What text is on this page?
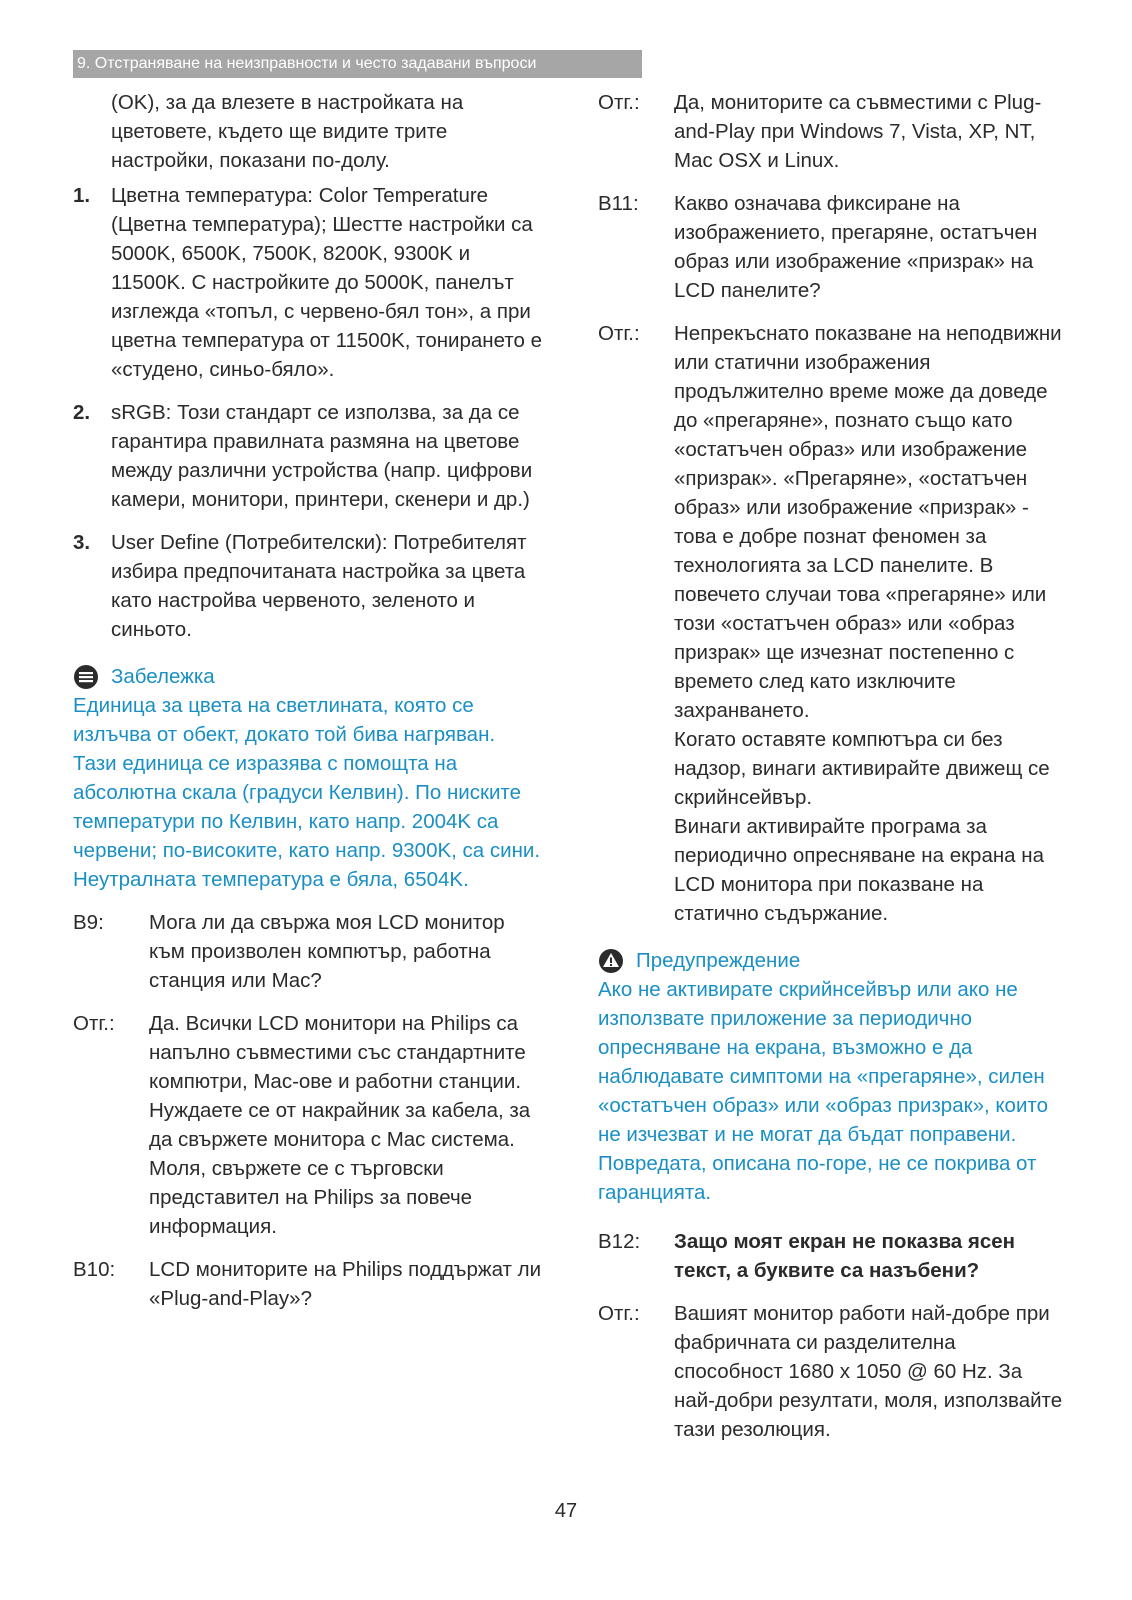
9. Отстраняване на неизправности и често задавани въпроси

(OK), за да влезете в настройката на цветовете, където ще видите трите настройки, показани по-долу.

1.	Цветна температура: Color Temperature (Цветна температура); Шестте настройки са 5000K, 6500K, 7500K, 8200K, 9300K и 11500K. С настройките до 5000K, панелът изглежда «топъл, с червено-бял тон», а при цветна температура от 11500K, тонирането е «студено, синьо-бяло».
2.	sRGB: Този стандарт се използва, за да се гарантира правилната размяна на цветове между различни устройства (напр. цифрови камери, монитори, принтери, скенери и др.)
3.	User Define (Потребителски): Потребителят избира предпочитаната настройка за цвета като настройва червеното, зеленото и синьото.
Забележка

Единица за цвета на светлината, която се излъчва от обект, докато той бива нагряван. Тази единица се изразява с помощта на абсолютна скала (градуси Келвин). По ниските температури по Келвин, като напр. 2004K са червени; по-високите, като напр. 9300K, са сини. Неутралната температура е бяла, 6504K.

В9:	Мога ли да свържа моя LCD монитор към произволен компютър, работна станция или Mac?
Отг.:	Да. Всички LCD монитори на Philips са напълно съвместими със стандартните компютри, Mac-ове и работни станции. Нуждаете се от накрайник за кабела, за да свържете монитора с Mac система. Моля, свържете се с търговски представител на Philips за повече информация.
В10:	LCD мониторите на Philips поддържат ли «Plug-and-Play»?
Отг.:	Да, мониторите са съвместими с Plug-and-Play при Windows 7, Vista, XP, NT, Mac OSX и Linux.
В11:	Какво означава фиксиране на изображението, прегаряне, остатъчен образ или изображение «призрак» на LCD панелите?
Отг.:	Непрекъснато показване на неподвижни или статични изображения продължително време може да доведе до «прегаряне», познато също като «остатъчен образ» или изображение «призрак». «Прегаряне», «остатъчен образ» или изображение «призрак» - това е добре познат феномен за технологията за LCD панелите. В повечето случаи това «прегаряне» или този «остатъчен образ» или «образ призрак» ще изчезнат постепенно с времето след като изключите захранването.

Когато оставяте компютъра си без надзор, винаги активирайте движещ се скрийнсейвър.

Винаги активирайте програма за периодично опресняване на екрана на LCD монитора при показване на статично съдържание.

Предупреждение

Ако не активирате скрийнсейвър или ако не използвате приложение за периодично опресняване на екрана, възможно е да наблюдавате симптоми на «прегаряне», силен «остатъчен образ» или «образ призрак», които не изчезват и не могат да бъдат поправени. Повредата, описана по-горе, не се покрива от гаранцията.

В12:	Защо моят екран не показва ясен текст, а буквите са назъбени?
Отг.:	Вашият монитор работи най-добре при фабричната си разделителна способност 1680 x 1050 @ 60 Hz. За най-добри резултати, моля, използвайте тази резолюция.
47
